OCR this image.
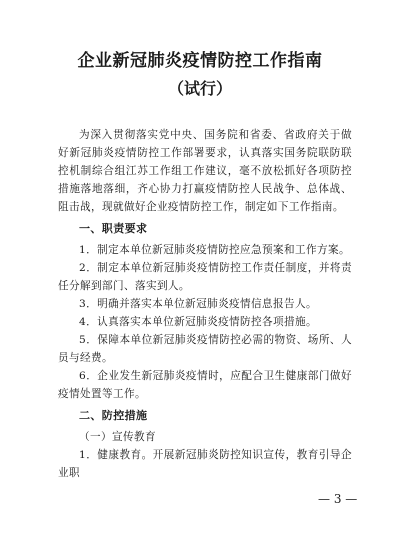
企业新冠肺炎疫情防控工作指南
（试行）

为深入贯彻落实党中央、国务院和省委、省政府关于做好新冠肺炎疫情防控工作部署要求，认真落实国务院联防联控机制综合组江苏工作组工作建议，毫不放松抓好各项防控措施落地落细，齐心协力打赢疫情防控人民战争、总体战、阻击战，现就做好企业疫情防控工作，制定如下工作指南。

一、职责要求

1．制定本单位新冠肺炎疫情防控应急预案和工作方案。

2．制定本单位新冠肺炎疫情防控工作责任制度，并将责任分解到部门、落实到人。

3．明确并落实本单位新冠肺炎疫情信息报告人。

4．认真落实本单位新冠肺炎疫情防控各项措施。

5．保障本单位新冠肺炎疫情防控必需的物资、场所、人员与经费。

6．企业发生新冠肺炎疫情时，应配合卫生健康部门做好疫情处置等工作。

二、防控措施

（一）宣传教育

1．健康教育。开展新冠肺炎防控知识宣传，教育引导企业职

— 3 —
